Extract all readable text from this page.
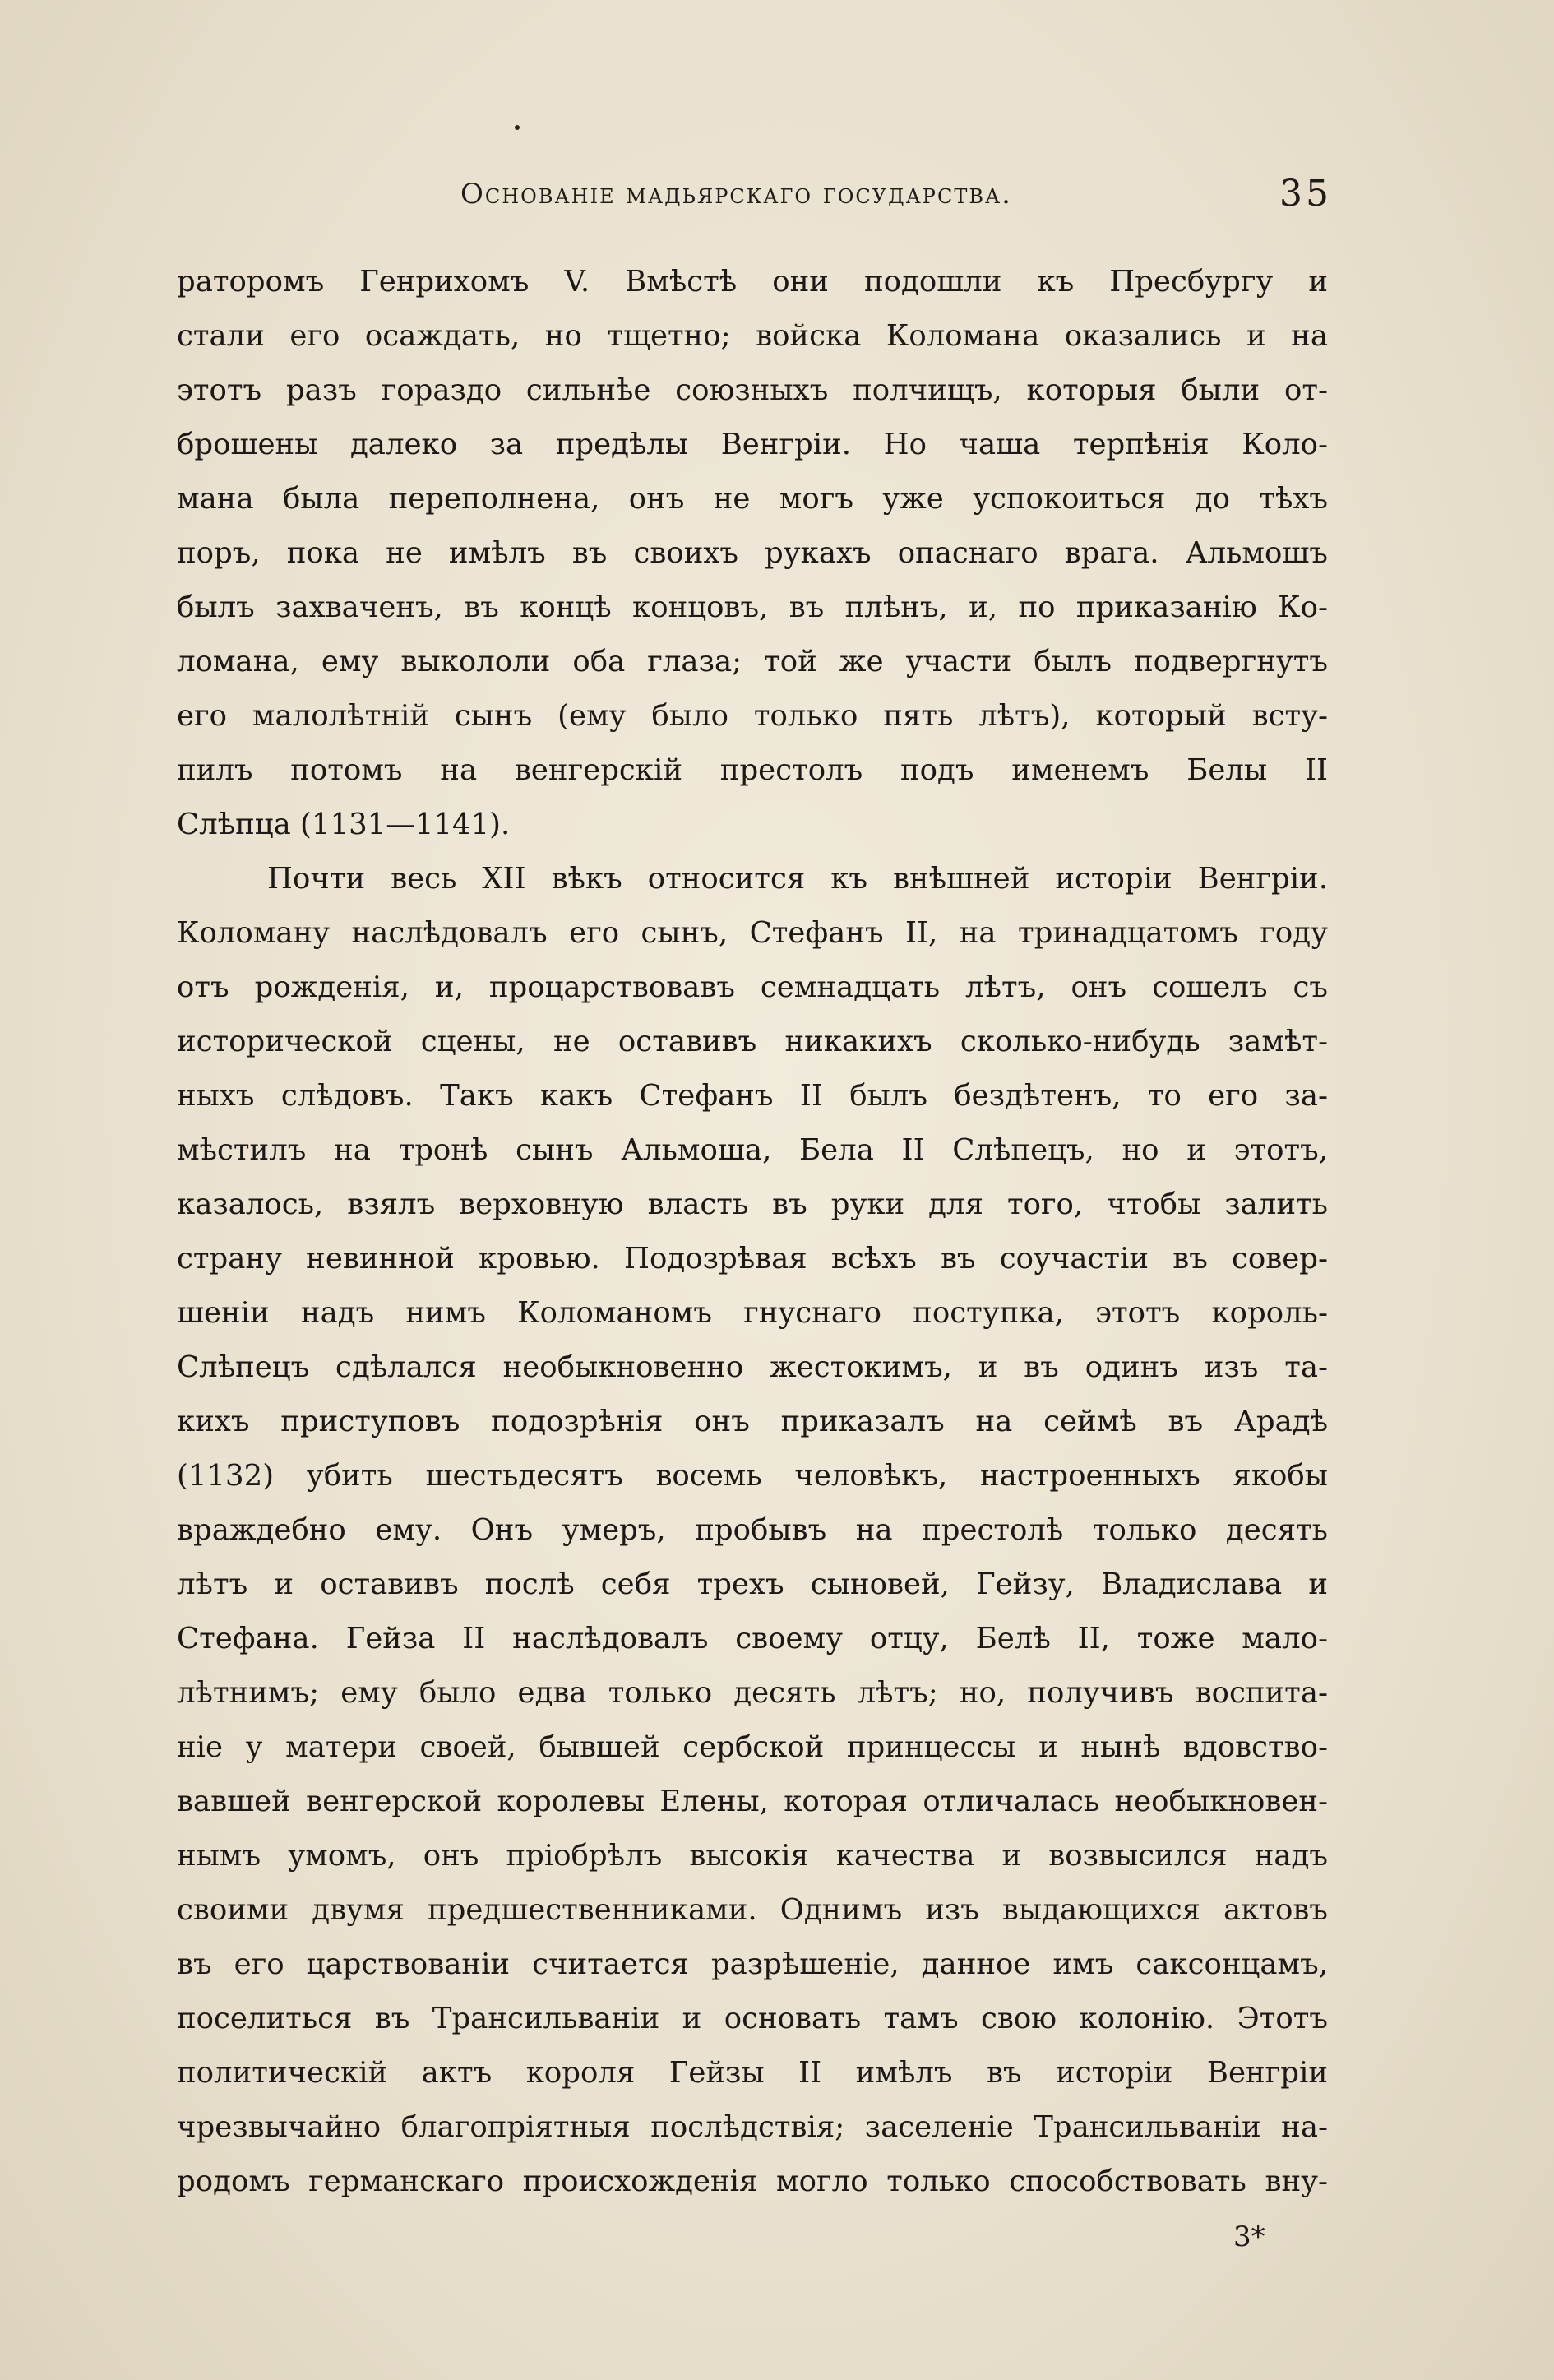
Основанiе мадьярскаго государства.	35
раторомъ Генрихомъ V. Вмѣстѣ они подошли къ Пресбургу и
стали его осаждать, но тщетно; войска Коломана оказались и на
этотъ разъ гораздо сильнѣе союзныхъ полчищъ, которыя были от-
брошены далеко за предѣлы Венгріи. Но чаша терпѣнія Коло-
мана была переполнена, онъ не могъ уже успокоиться до тѣхъ
поръ, пока не имѣлъ въ своихъ рукахъ опаснаго врага. Альмошъ
былъ захваченъ, въ концѣ концовъ, въ плѣнъ, и, по приказанію Ко-
ломана, ему выкололи оба глаза; той же участи былъ подвергнутъ
его малолѣтній сынъ (ему было только пять лѣтъ), который всту-
пилъ потомъ на венгерскій престолъ подъ именемъ Белы II
Слѣпца (1131—1141).
Почти весь XII вѣкъ относится къ внѣшней исторіи Венгріи.
Коломану наслѣдовалъ его сынъ, Стефанъ II, на тринадцатомъ году
отъ рожденія, и, процарствовавъ семнадцать лѣтъ, онъ сошелъ съ
исторической сцены, не оставивъ никакихъ сколько-нибудь замѣт-
ныхъ слѣдовъ. Такъ какъ Стефанъ II былъ бездѣтенъ, то его за-
мѣстилъ на тронѣ сынъ Альмоша, Бела II Слѣпецъ, но и этотъ,
казалось, взялъ верховную власть въ руки для того, чтобы залить
страну невинной кровью. Подозрѣвая всѣхъ въ соучастіи въ совер-
шеніи надъ нимъ Коломаномъ гнуснаго поступка, этотъ король-
Слѣпецъ сдѣлался необыкновенно жестокимъ, и въ одинъ изъ та-
кихъ приступовъ подозрѣнія онъ приказалъ на сеймѣ въ Арадѣ
(1132) убить шестьдесятъ восемь человѣкъ, настроенныхъ якобы
враждебно ему. Онъ умеръ, пробывъ на престолѣ только десять
лѣтъ и оставивъ послѣ себя трехъ сыновей, Гейзу, Владислава и
Стефана. Гейза II наслѣдовалъ своему отцу, Белѣ II, тоже мало-
лѣтнимъ; ему было едва только десять лѣтъ; но, получивъ воспита-
ніе у матери своей, бывшей сербской принцессы и нынѣ вдовство-
вавшей венгерской королевы Елены, которая отличалась необыкновен-
нымъ умомъ, онъ пріобрѣлъ высокія качества и возвысился надъ
своими двумя предшественниками. Однимъ изъ выдающихся актовъ
въ его царствованіи считается разрѣшеніе, данное имъ саксонцамъ,
поселиться въ Трансильваніи и основать тамъ свою колонію. Этотъ
политическій актъ короля Гейзы II имѣлъ въ исторіи Венгріи
чрезвычайно благопріятныя послѣдствія; заселеніе Трансильваніи на-
родомъ германскаго происхожденія могло только способствовать вну-
3*
